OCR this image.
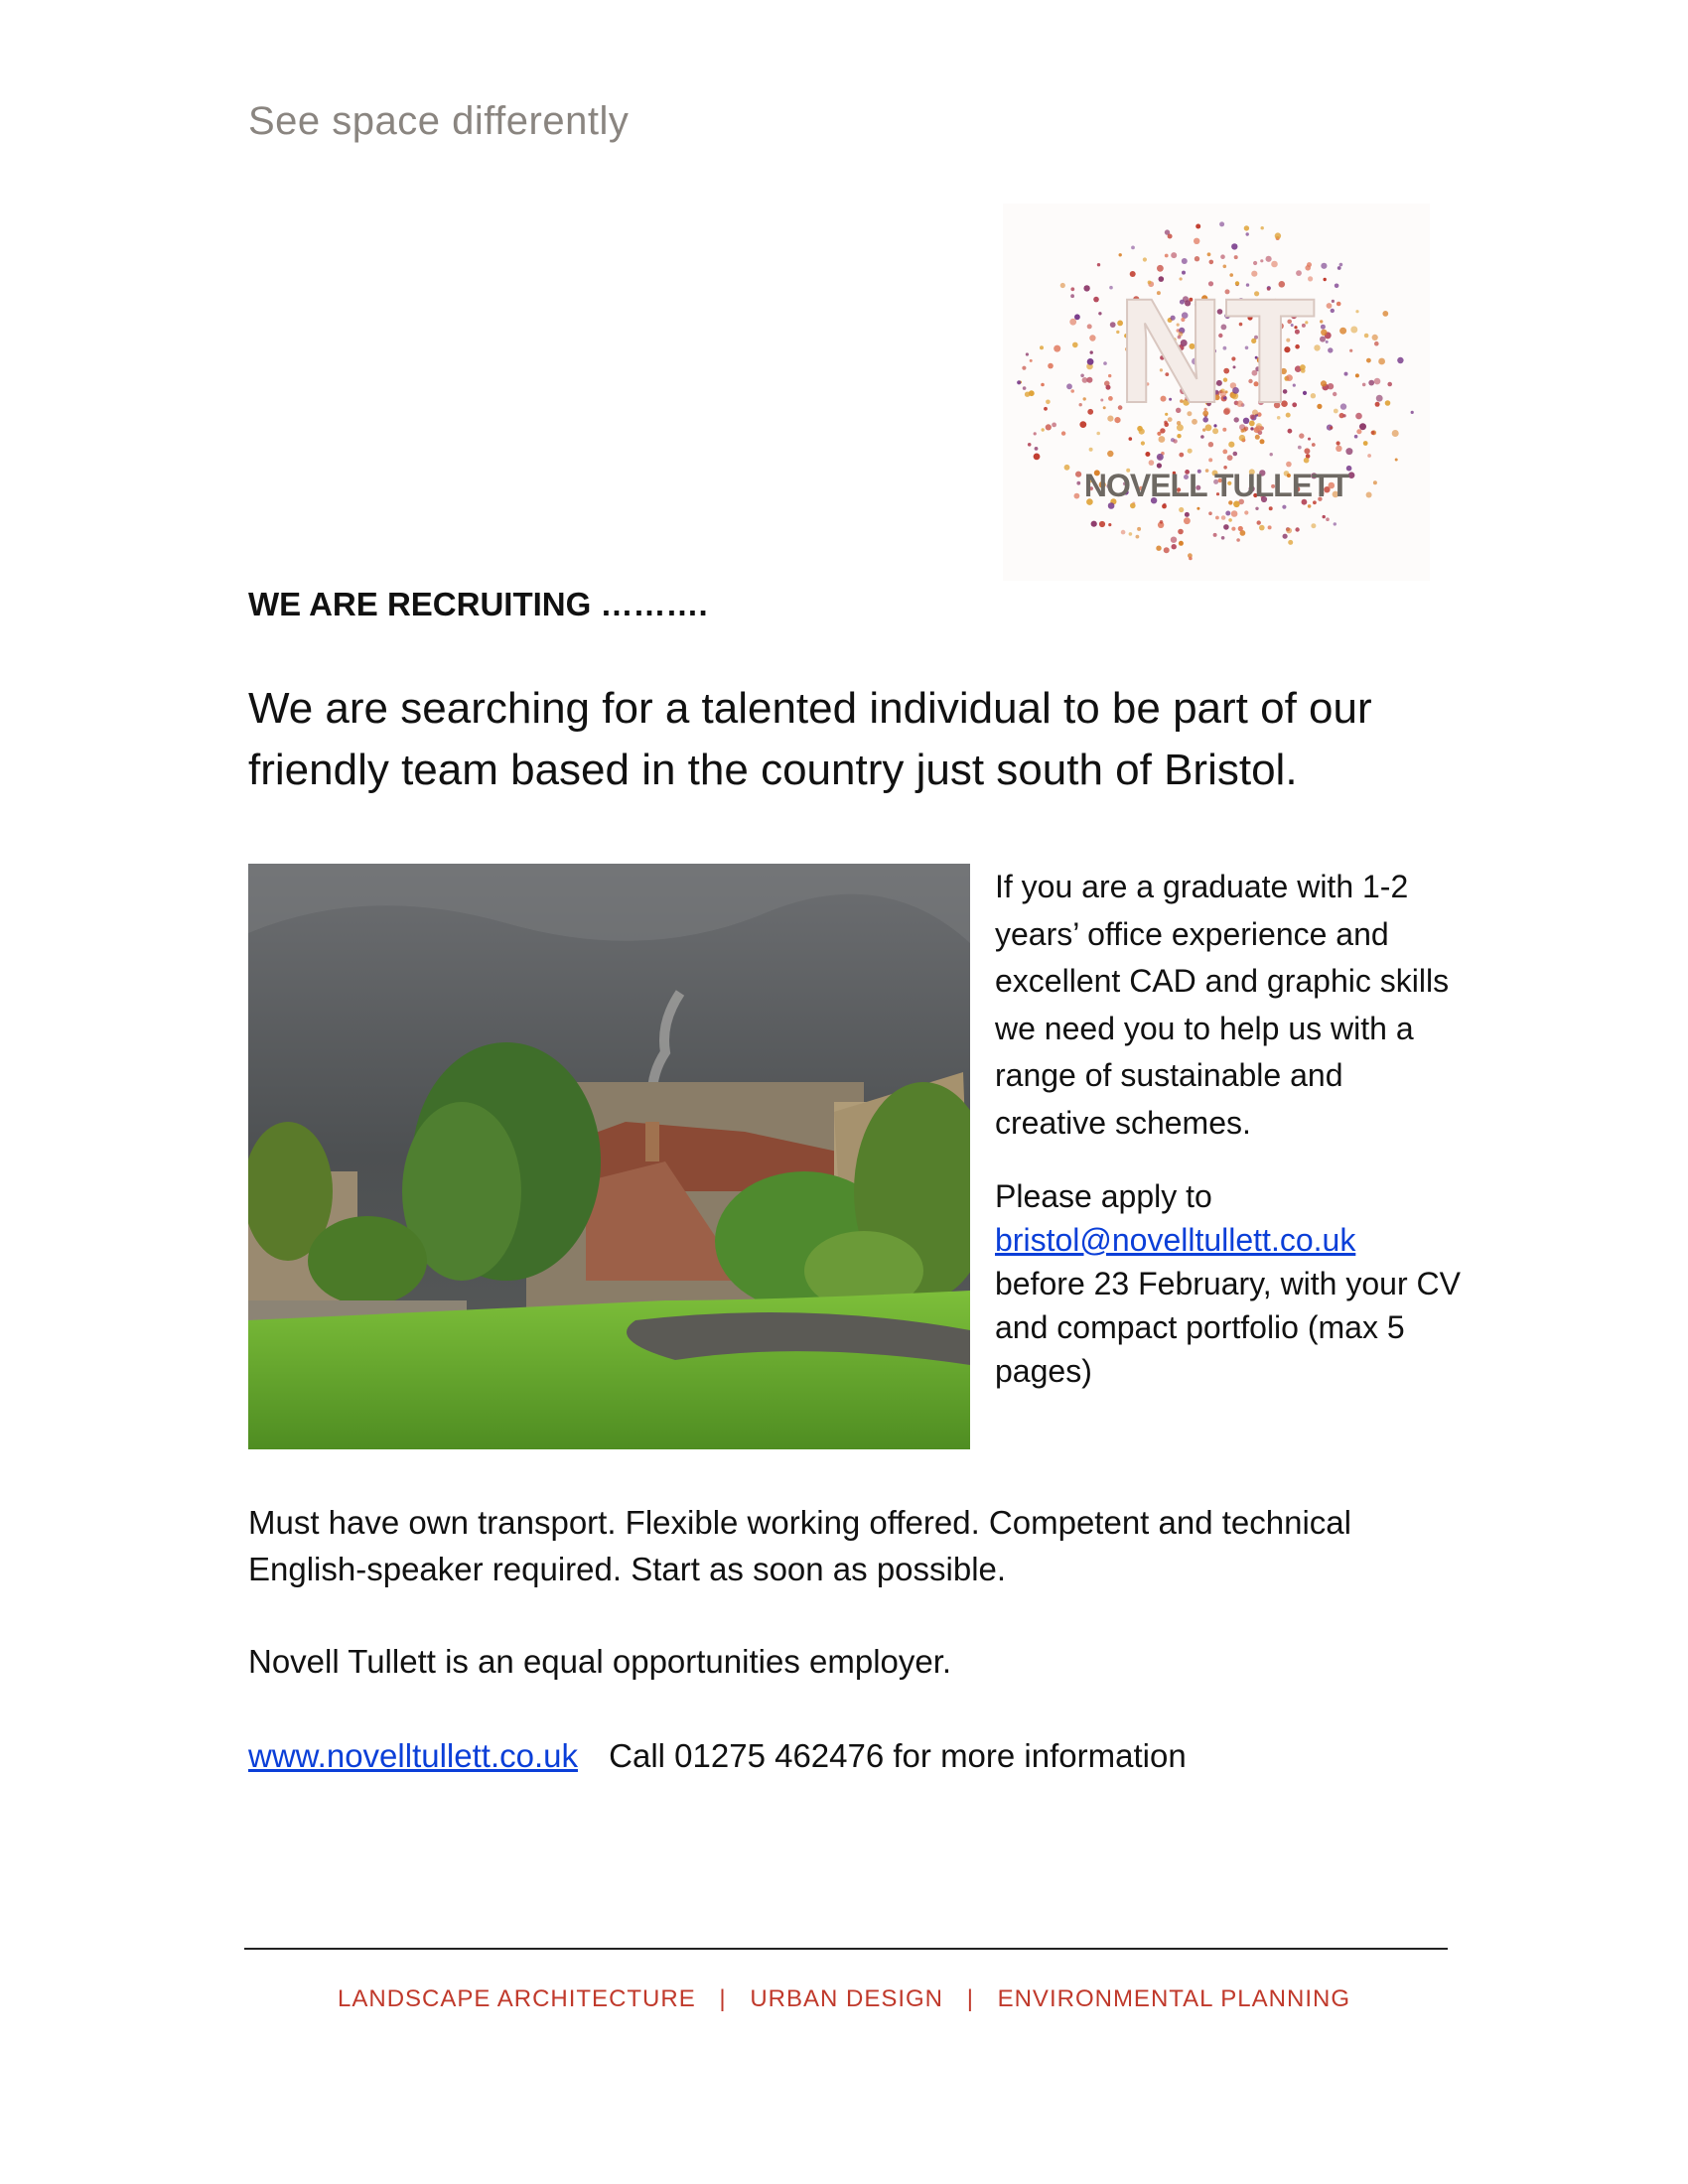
See space differently
NT
NOVELL TULLETT
WE ARE RECRUITING ……….
We are searching for a talented individual to be part of our friendly team based in the country just south of Bristol.

If you are a graduate with 1-2 years’ office experience and excellent CAD and graphic skills we need you to help us with a range of sustainable and creative schemes.

Please apply to
bristol@novelltullett.co.uk
before 23 February, with your CV and compact portfolio (max 5 pages)

Must have own transport. Flexible working offered. Competent and technical English-speaker required. Start as soon as possible.

Novell Tullett is an equal opportunities employer.

www.novelltullett.co.uk Call 01275 462476 for more information

LANDSCAPE ARCHITECTURE | URBAN DESIGN | ENVIRONMENTAL PLANNING
